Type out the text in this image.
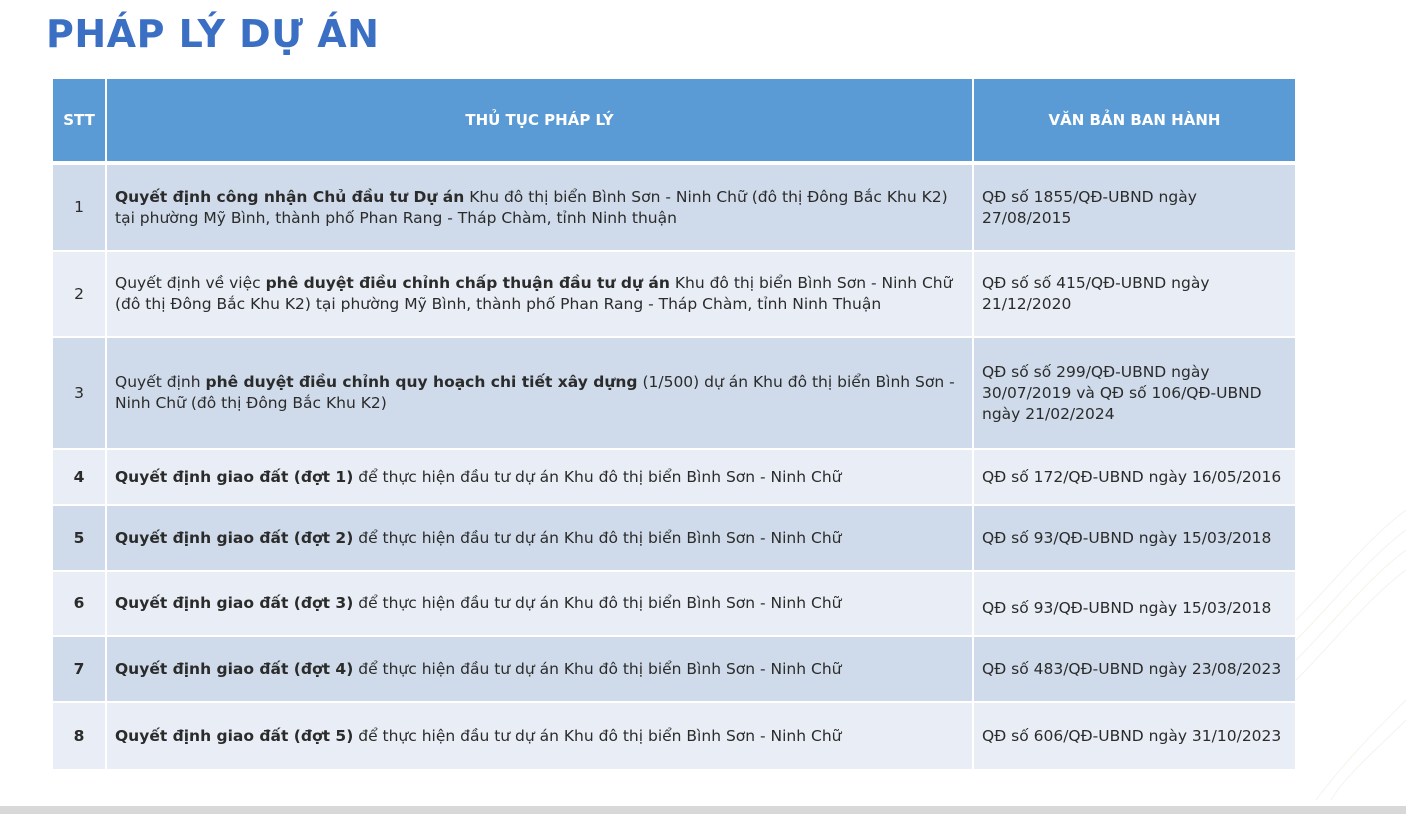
PHÁP LÝ DỰ ÁN
STT	THỦ TỤC PHÁP LÝ	VĂN BẢN BAN HÀNH

1	Quyết định công nhận Chủ đầu tư Dự án Khu đô thị biển Bình Sơn - Ninh Chữ (đô thị Đông Bắc Khu K2) tại phường Mỹ Bình, thành phố Phan Rang - Tháp Chàm, tỉnh Ninh thuận	QĐ số 1855/QĐ-UBND ngày 27/08/2015
2	Quyết định về việc phê duyệt điều chỉnh chấp thuận đầu tư dự án Khu đô thị biển Bình Sơn - Ninh Chữ (đô thị Đông Bắc Khu K2) tại phường Mỹ Bình, thành phố Phan Rang - Tháp Chàm, tỉnh Ninh Thuận	QĐ số số 415/QĐ-UBND ngày 21/12/2020
3	Quyết định phê duyệt điều chỉnh quy hoạch chi tiết xây dựng (1/500) dự án Khu đô thị biển Bình Sơn - Ninh Chữ (đô thị Đông Bắc Khu K2)	QĐ số số 299/QĐ-UBND ngày 30/07/2019 và QĐ số 106/QĐ-UBND ngày 21/02/2024
4	Quyết định giao đất (đợt 1) để thực hiện đầu tư dự án Khu đô thị biển Bình Sơn - Ninh Chữ	QĐ số 172/QĐ-UBND ngày 16/05/2016
5	Quyết định giao đất (đợt 2) để thực hiện đầu tư dự án Khu đô thị biển Bình Sơn - Ninh Chữ	QĐ số 93/QĐ-UBND ngày 15/03/2018
6	Quyết định giao đất (đợt 3) để thực hiện đầu tư dự án Khu đô thị biển Bình Sơn - Ninh Chữ	QĐ số 93/QĐ-UBND ngày 15/03/2018
7	Quyết định giao đất (đợt 4) để thực hiện đầu tư dự án Khu đô thị biển Bình Sơn - Ninh Chữ	QĐ số 483/QĐ-UBND ngày 23/08/2023
8	Quyết định giao đất (đợt 5) để thực hiện đầu tư dự án Khu đô thị biển Bình Sơn - Ninh Chữ	QĐ số 606/QĐ-UBND ngày 31/10/2023
